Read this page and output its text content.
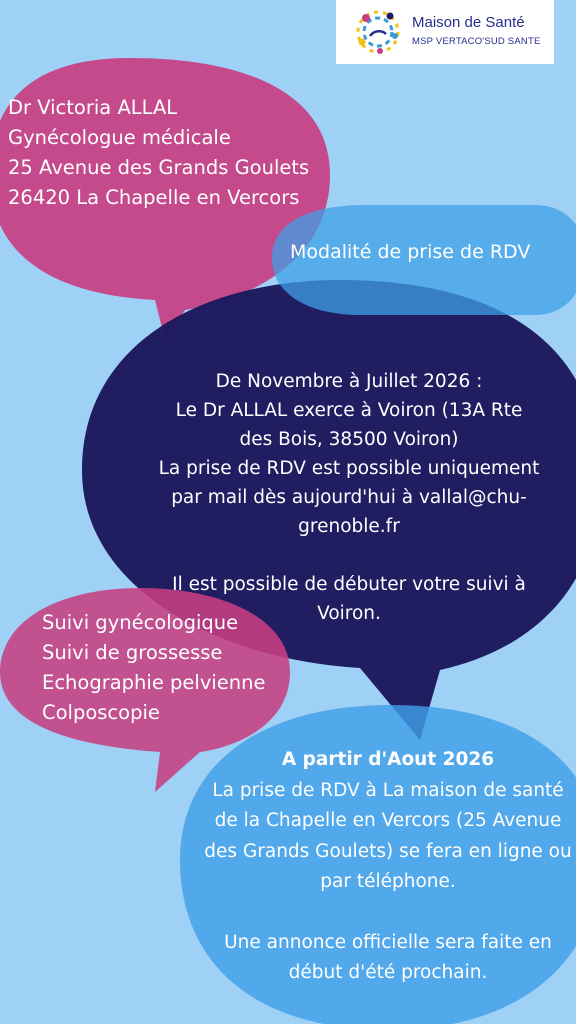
Maison de Santé
MSP VERTACO'SUD SANTE
Dr Victoria ALLAL
Gynécologue médicale
25 Avenue des Grands Goulets
26420 La Chapelle en Vercors
Modalité de prise de RDV
De Novembre à Juillet 2026 :
Le Dr ALLAL exerce à Voiron (13A Rte
des Bois, 38500 Voiron)
La prise de RDV est possible uniquement
par mail dès aujourd'hui à vallal@chu-
grenoble.fr
Il est possible de débuter votre suivi à
Voiron.
Suivi gynécologique
Suivi de grossesse
Echographie pelvienne
Colposcopie
A partir d'Aout 2026
La prise de RDV à La maison de santé
de la Chapelle en Vercors (25 Avenue
des Grands Goulets) se fera en ligne ou
par téléphone.
Une annonce officielle sera faite en
début d'été prochain.
